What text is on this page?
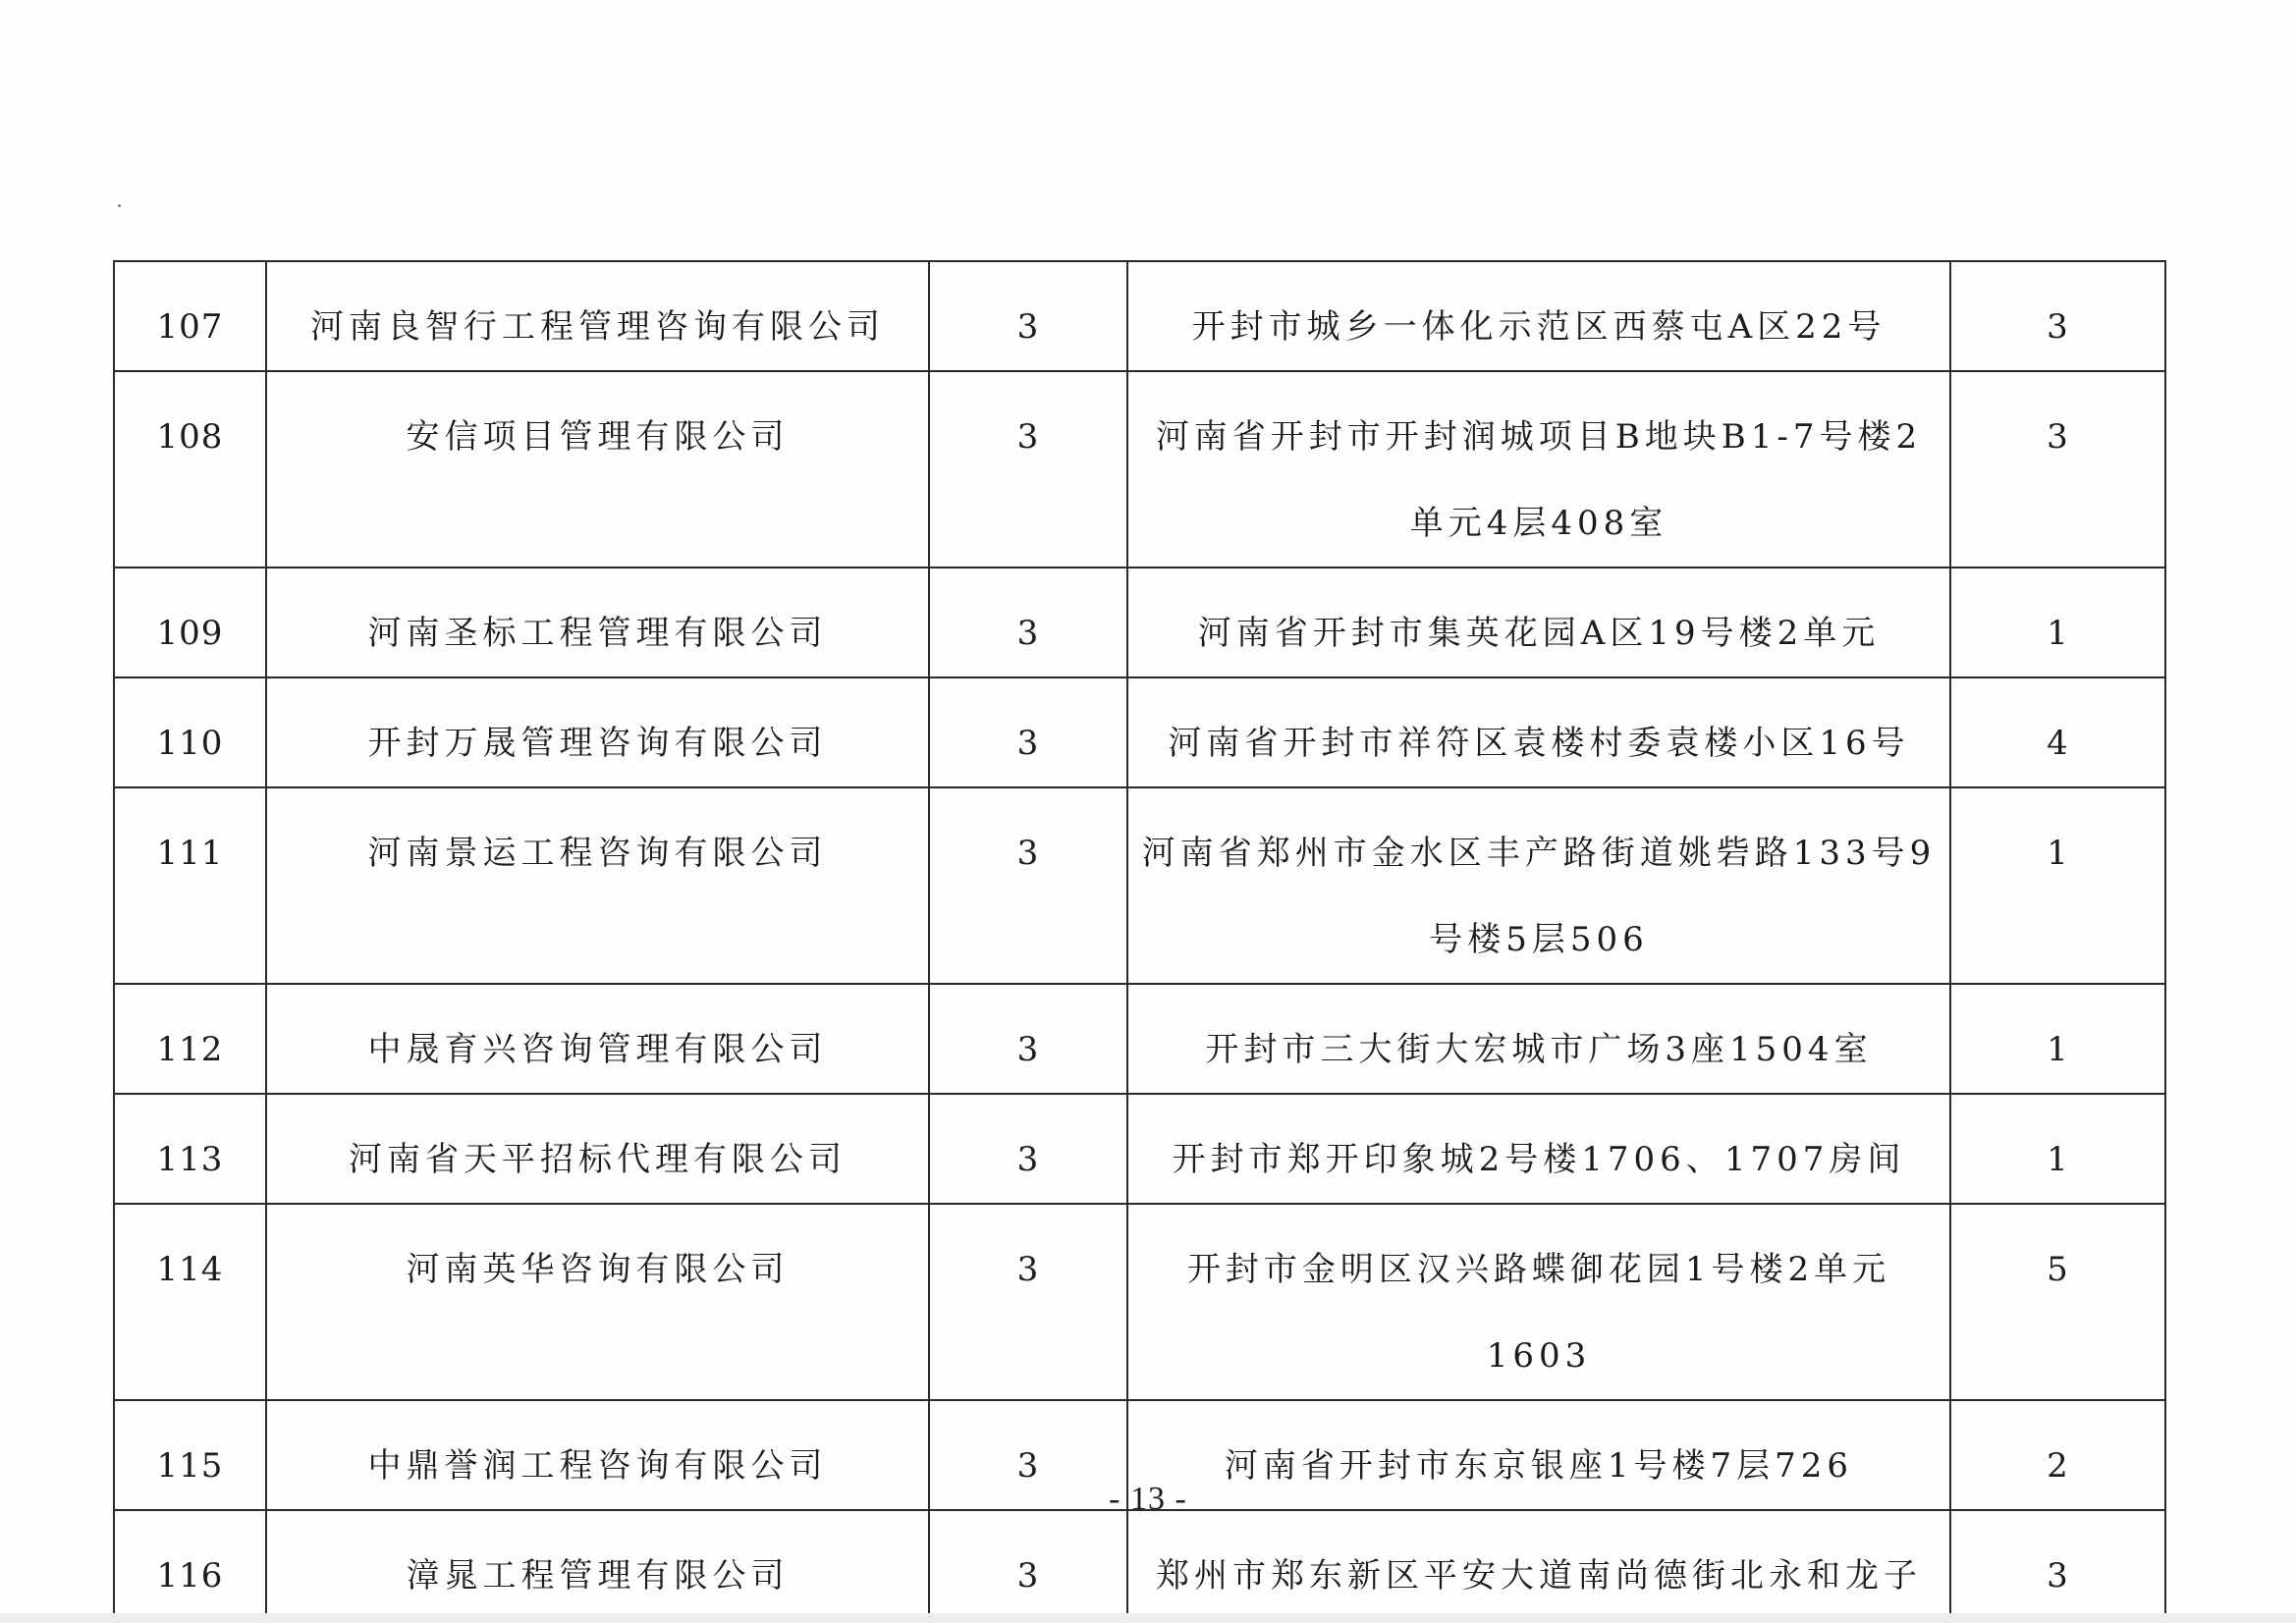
107	河南良智行工程管理咨询有限公司	3	开封市城乡一体化示范区西蔡屯A区22号	3
108	安信项目管理有限公司	3	河南省开封市开封润城项目B地块B1-7号楼2单元4层408室	3
109	河南圣标工程管理有限公司	3	河南省开封市集英花园A区19号楼2单元	1
110	开封万晟管理咨询有限公司	3	河南省开封市祥符区袁楼村委袁楼小区16号	4
111	河南景运工程咨询有限公司	3	河南省郑州市金水区丰产路街道姚砦路133号9号楼5层506	1
112	中晟育兴咨询管理有限公司	3	开封市三大街大宏城市广场3座1504室	1
113	河南省天平招标代理有限公司	3	开封市郑开印象城2号楼1706、1707房间	1
114	河南英华咨询有限公司	3	开封市金明区汉兴路蝶御花园1号楼2单元1603	5
115	中鼎誉润工程咨询有限公司	3	河南省开封市东京银座1号楼7层726	2
116	漳晁工程管理有限公司	3	郑州市郑东新区平安大道南尚德街北永和龙子	3
- 13 -
